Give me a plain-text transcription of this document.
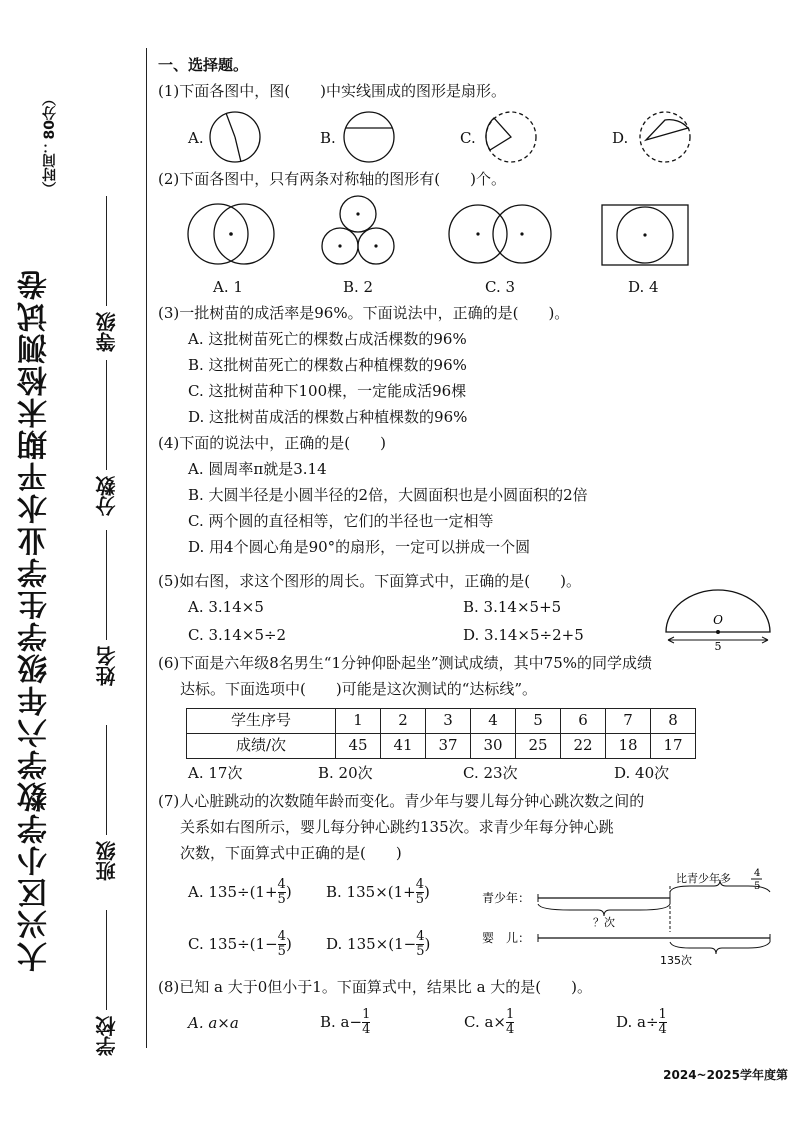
大兴区小学数学六年级学生学业水平期末检测试卷
（时间：80分）
等级
分数
姓名
班级
学校
一、选择题。
(1)下面各图中，图(　　)中实线围成的图形是扇形。
A.	B.	C.	D.
(2)下面各图中，只有两条对称轴的图形有(　　)个。
A. 1	B. 2	C. 3	D. 4
(3)一批树苗的成活率是96%。下面说法中，正确的是(　　)。
A. 这批树苗死亡的棵数占成活棵数的96%
B. 这批树苗死亡的棵数占种植棵数的96%
C. 这批树苗种下100棵，一定能成活96棵
D. 这批树苗成活的棵数占种植棵数的96%
(4)下面的说法中，正确的是(　　)
A. 圆周率π就是3.14
B. 大圆半径是小圆半径的2倍，大圆面积也是小圆面积的2倍
C. 两个圆的直径相等，它们的半径也一定相等
D. 用4个圆心角是90°的扇形，一定可以拼成一个圆
(5)如右图，求这个图形的周长。下面算式中，正确的是(　　)。
A. 3.14×5	B. 3.14×5+5
C. 3.14×5÷2	D. 3.14×5÷2+5
O
5
(6)下面是六年级8名男生“1分钟仰卧起坐”测试成绩，其中75%的同学成绩
达标。下面选项中(　　)可能是这次测试的“达标线”。
学生序号	1	2	3	4	5	6	7	8
成绩/次	45	41	37	30	25	22	18	17
A. 17次	B. 20次	C. 23次	D. 40次
(7)人心脏跳动的次数随年龄而变化。青少年与婴儿每分钟心跳次数之间的
关系如右图所示，婴儿每分钟心跳约135次。求青少年每分钟心跳
次数，下面算式中正确的是(　　)
A. $135\div(1+ \frac{4}{5}$ ) B. $135\times(1+ \frac{4}{5}$ )
C. $135\div(1- \frac{4}{5}$ ) D. $135\times(1- \frac{4}{5}$ )
青少年：
婴　儿：
？次
比青少年多 4
5
135次
(8)已知 a 大于0但小于1。下面算式中，结果比 a 大的是(　　)。
A. a×a	B. $a- \frac{1}{4}$	C. $a\times \frac{1}{4}$	D. $a\div \frac{1}{4}$
2024~2025学年度第
